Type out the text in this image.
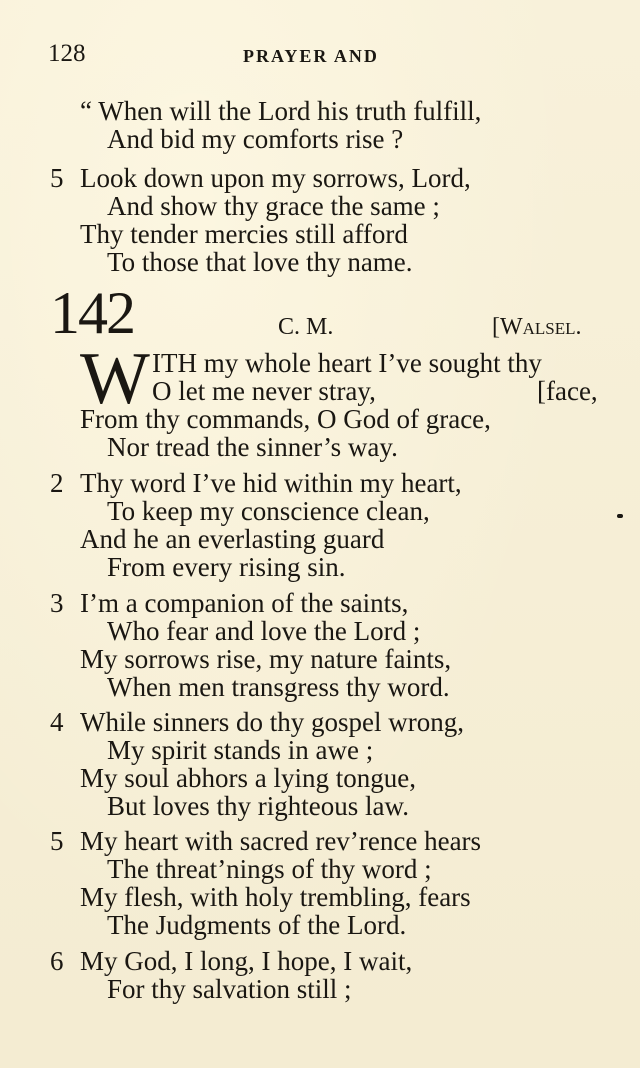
128	PRAYER AND
“ When will the Lord his truth fulfill,
And bid my comforts rise ?
5 Look down upon my sorrows, Lord,
And show thy grace the same ;
Thy tender mercies still afford
To those that love thy name.
142	C. M.	[Walsel.
W ITH my whole heart I’ve sought thy
O let me never stray,	[face,
From thy commands, O God of grace,
Nor tread the sinner’s way.
2 Thy word I’ve hid within my heart,
To keep my conscience clean,
And he an everlasting guard
From every rising sin.
3 I’m a companion of the saints,
Who fear and love the Lord ;
My sorrows rise, my nature faints,
When men transgress thy word.
4 While sinners do thy gospel wrong,
My spirit stands in awe ;
My soul abhors a lying tongue,
But loves thy righteous law.
5 My heart with sacred rev’rence hears
The threat’nings of thy word ;
My flesh, with holy trembling, fears
The Judgments of the Lord.
6 My God, I long, I hope, I wait,
For thy salvation still ;
